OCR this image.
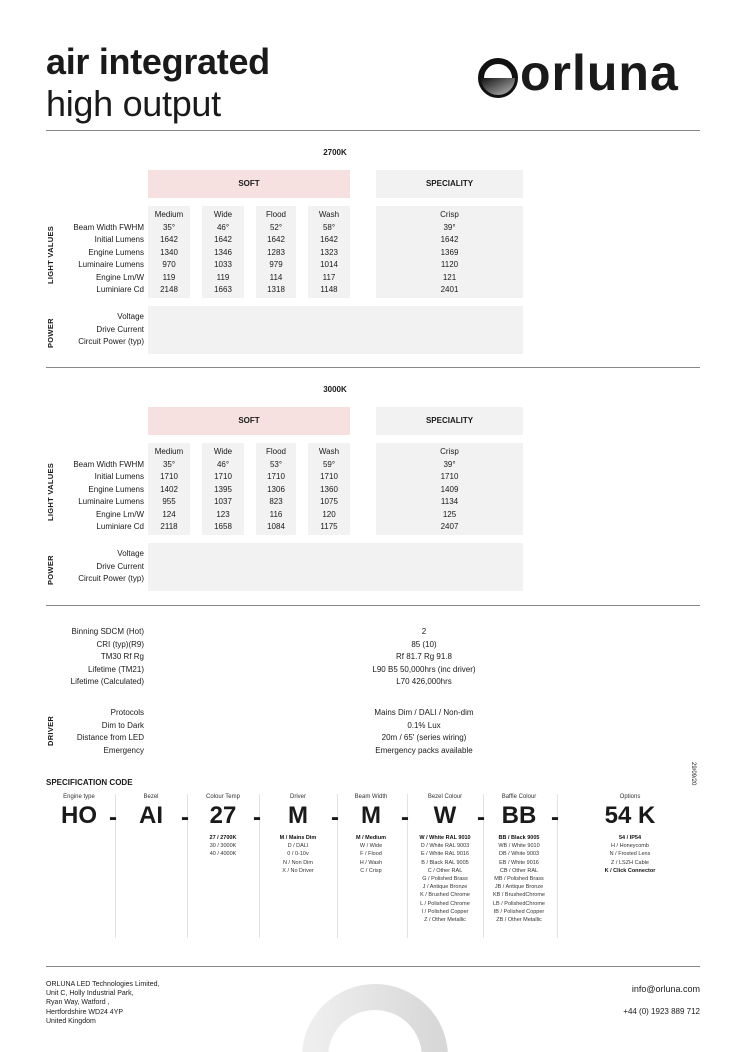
air integrated
high output
orluna
2700K
SOFT	SPECIALITY
LIGHT VALUES
Medium	Wide	Flood	Wash	Crisp
Beam Width FWHM	35°	46°	52°	58°	39°
Initial Lumens	1642	1642	1642	1642	1642
Engine Lumens	1340	1346	1283	1323	1369
Luminaire Lumens	970	1033	979	1014	1120
Engine Lm/W	119	119	114	117	121
Luminiare Cd	2148	1663	1318	1148	2401
Voltage
Drive Current
Circuit Power (typ)
POWER
3000K
SOFT	SPECIALITY
LIGHT VALUES
Medium	Wide	Flood	Wash	Crisp
Beam Width FWHM	35°	46°	53°	59°	39°
Initial Lumens	1710	1710	1710	1710	1710
Engine Lumens	1402	1395	1306	1360	1409
Luminaire Lumens	955	1037	823	1075	1134
Engine Lm/W	124	123	116	120	125
Luminiare Cd	2118	1658	1084	1175	2407
Voltage
Drive Current
Circuit Power (typ)
POWER
Binning SDCM (Hot)	2
CRI (typ)(R9)	85 (10)
TM30 Rf Rg	Rf 81.7 Rg 91.8
Lifetime (TM21)	L90 B5 50,000hrs (inc driver)
Lifetime (Calculated)	L70 426,000hrs
DRIVER
Protocols	Mains Dim / DALI / Non-dim
Dim to Dark	0.1% Lux
Distance from LED	20m / 65' (series wiring)
Emergency	Emergency packs available
SPECIFICATION CODE	29/09/20
Engine type
HO -
Bezel
AI -
Colour Temp
27
27 / 2700K
30 / 3000K
40 / 4000K
-
Driver
M
M / Mains Dim
D / DALI
0 / 0-10v
N / Non Dim
X / No Driver
-
Beam Width
M
M / Medium
W / Wide
F / Flood
H / Wash
C / Crisp
-
Bezel Colour
W
W / White RAL 9010
D / White RAL 9003
E / White RAL 9016
B / Black RAL 9005
C / Other RAL
G / Polished Brass
J / Antique Bronze
K / Brushed Chrome
L / Polished Chrome
I / Polished Copper
Z / Other Metallic
-
Baffle Colour
BB
BB / Black 9005
WB / White 9010
DB / White 9003
EB / White 9016
CB / Other RAL
MB / Polished Brass
JB / Antique Bronze
KB / BrushedChrome
LB / PolishedChrome
IB / Polished Copper
ZB / Other Metallic
-
Options
54 K
54 / IP54
H / Honeycomb
N / Frosted Lens
Z / LSZH Cable
K / Click Connector
ORLUNA LED Technologies Limited,
Unit C, Holly Industrial Park,
Ryan Way, Watford ,
Hertfordshire WD24 4YP
United Kingdom
info@orluna.com
+44 (0) 1923 889 712
